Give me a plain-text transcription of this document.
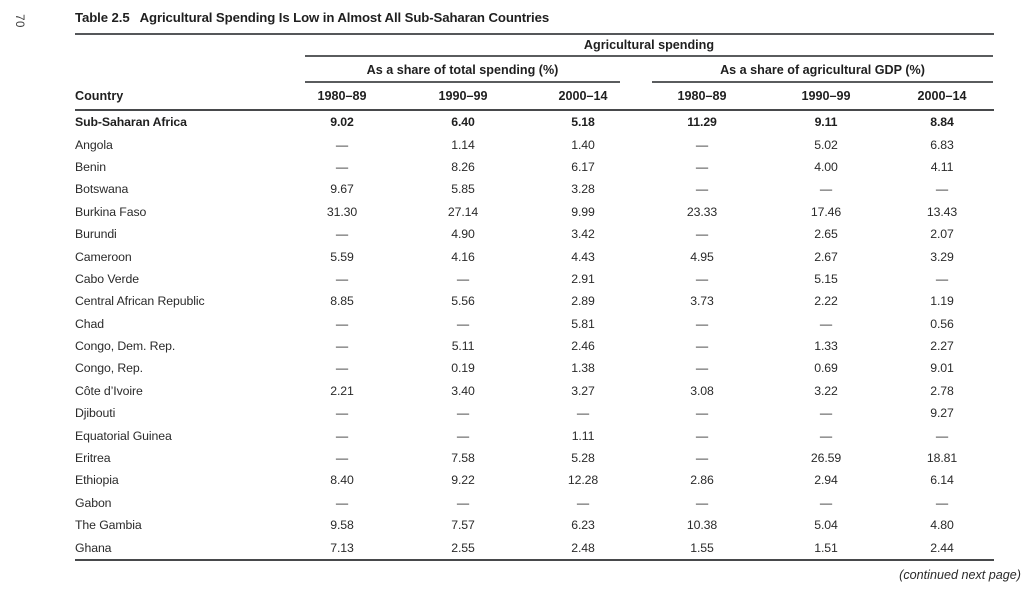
70	Table 2.5 Agricultural Spending Is Low in Almost All Sub-Saharan Countries
Agricultural spending
As a share of total spending (%)	As a share of agricultural GDP (%)
Country	1980–89	1990–99	2000–14	1980–89	1990–99	2000–14
Sub-Saharan Africa	9.02	6.40	5.18	11.29	9.11	8.84
Angola	—	1.14	1.40	—	5.02	6.83
Benin	—	8.26	6.17	—	4.00	4.11
Botswana	9.67	5.85	3.28	—	—	—
Burkina Faso	31.30	27.14	9.99	23.33	17.46	13.43
Burundi	—	4.90	3.42	—	2.65	2.07
Cameroon	5.59	4.16	4.43	4.95	2.67	3.29
Cabo Verde	—	—	2.91	—	5.15	—
Central African Republic	8.85	5.56	2.89	3.73	2.22	1.19
Chad	—	—	5.81	—	—	0.56
Congo, Dem. Rep.	—	5.11	2.46	—	1.33	2.27
Congo, Rep.	—	0.19	1.38	—	0.69	9.01
Côte d’Ivoire	2.21	3.40	3.27	3.08	3.22	2.78
Djibouti	—	—	—	—	—	9.27
Equatorial Guinea	—	—	1.11	—	—	—
Eritrea	—	7.58	5.28	—	26.59	18.81
Ethiopia	8.40	9.22	12.28	2.86	2.94	6.14
Gabon	—	—	—	—	—	—
The Gambia	9.58	7.57	6.23	10.38	5.04	4.80
Ghana	7.13	2.55	2.48	1.55	1.51	2.44
(continued next page)
